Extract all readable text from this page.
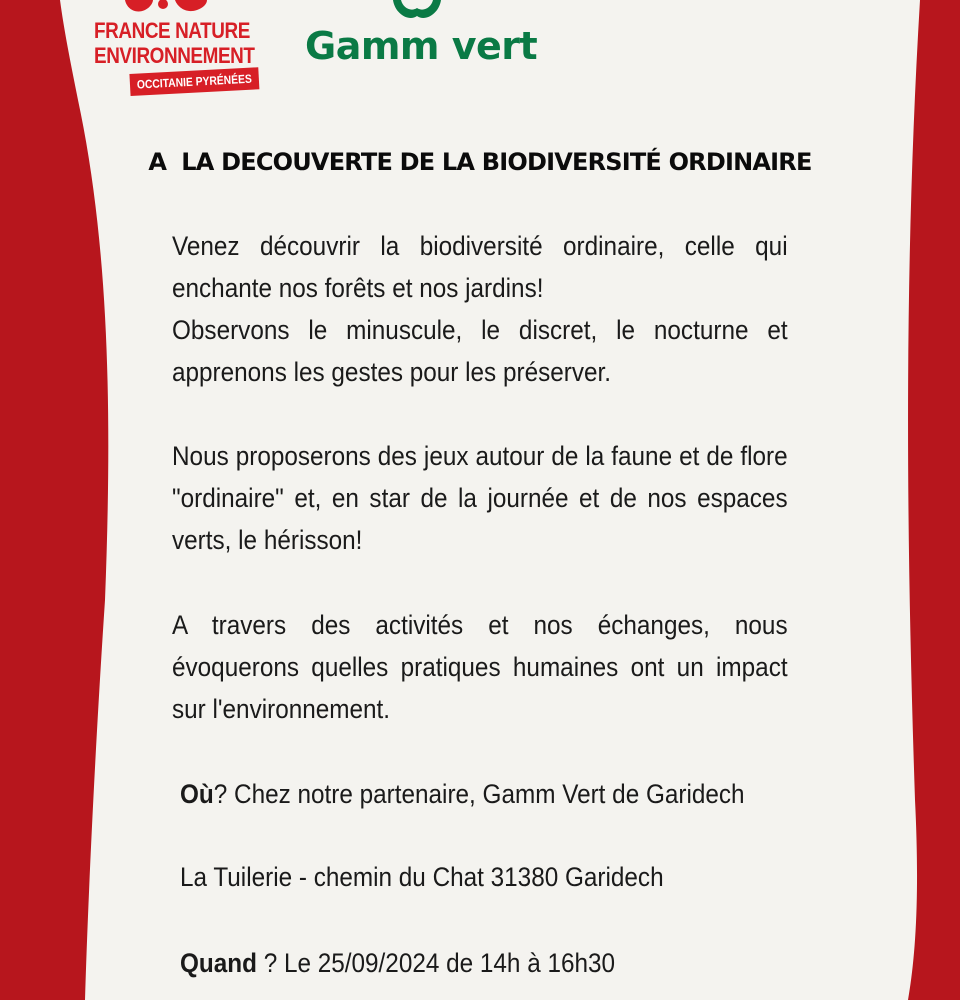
FRANCE NATURE
ENVIRONNEMENT
OCCITANIE PYRÉNÉES
Gamm vert
A  LA DECOUVERTE DE LA BIODIVERSITÉ ORDINAIRE
Venez découvrir la biodiversité ordinaire, celle qui enchante nos forêts et nos jardins!
Observons le minuscule, le discret, le nocturne et apprenons les gestes pour les préserver.
Nous proposerons des jeux autour de la faune et de flore "ordinaire" et, en star de la journée et de nos espaces verts, le hérisson!
A travers des activités et nos échanges, nous évoquerons quelles pratiques humaines ont un impact sur l'environnement.
Où? Chez notre partenaire, Gamm Vert de Garidech
La Tuilerie - chemin du Chat 31380 Garidech
Quand ? Le 25/09/2024 de 14h à 16h30
